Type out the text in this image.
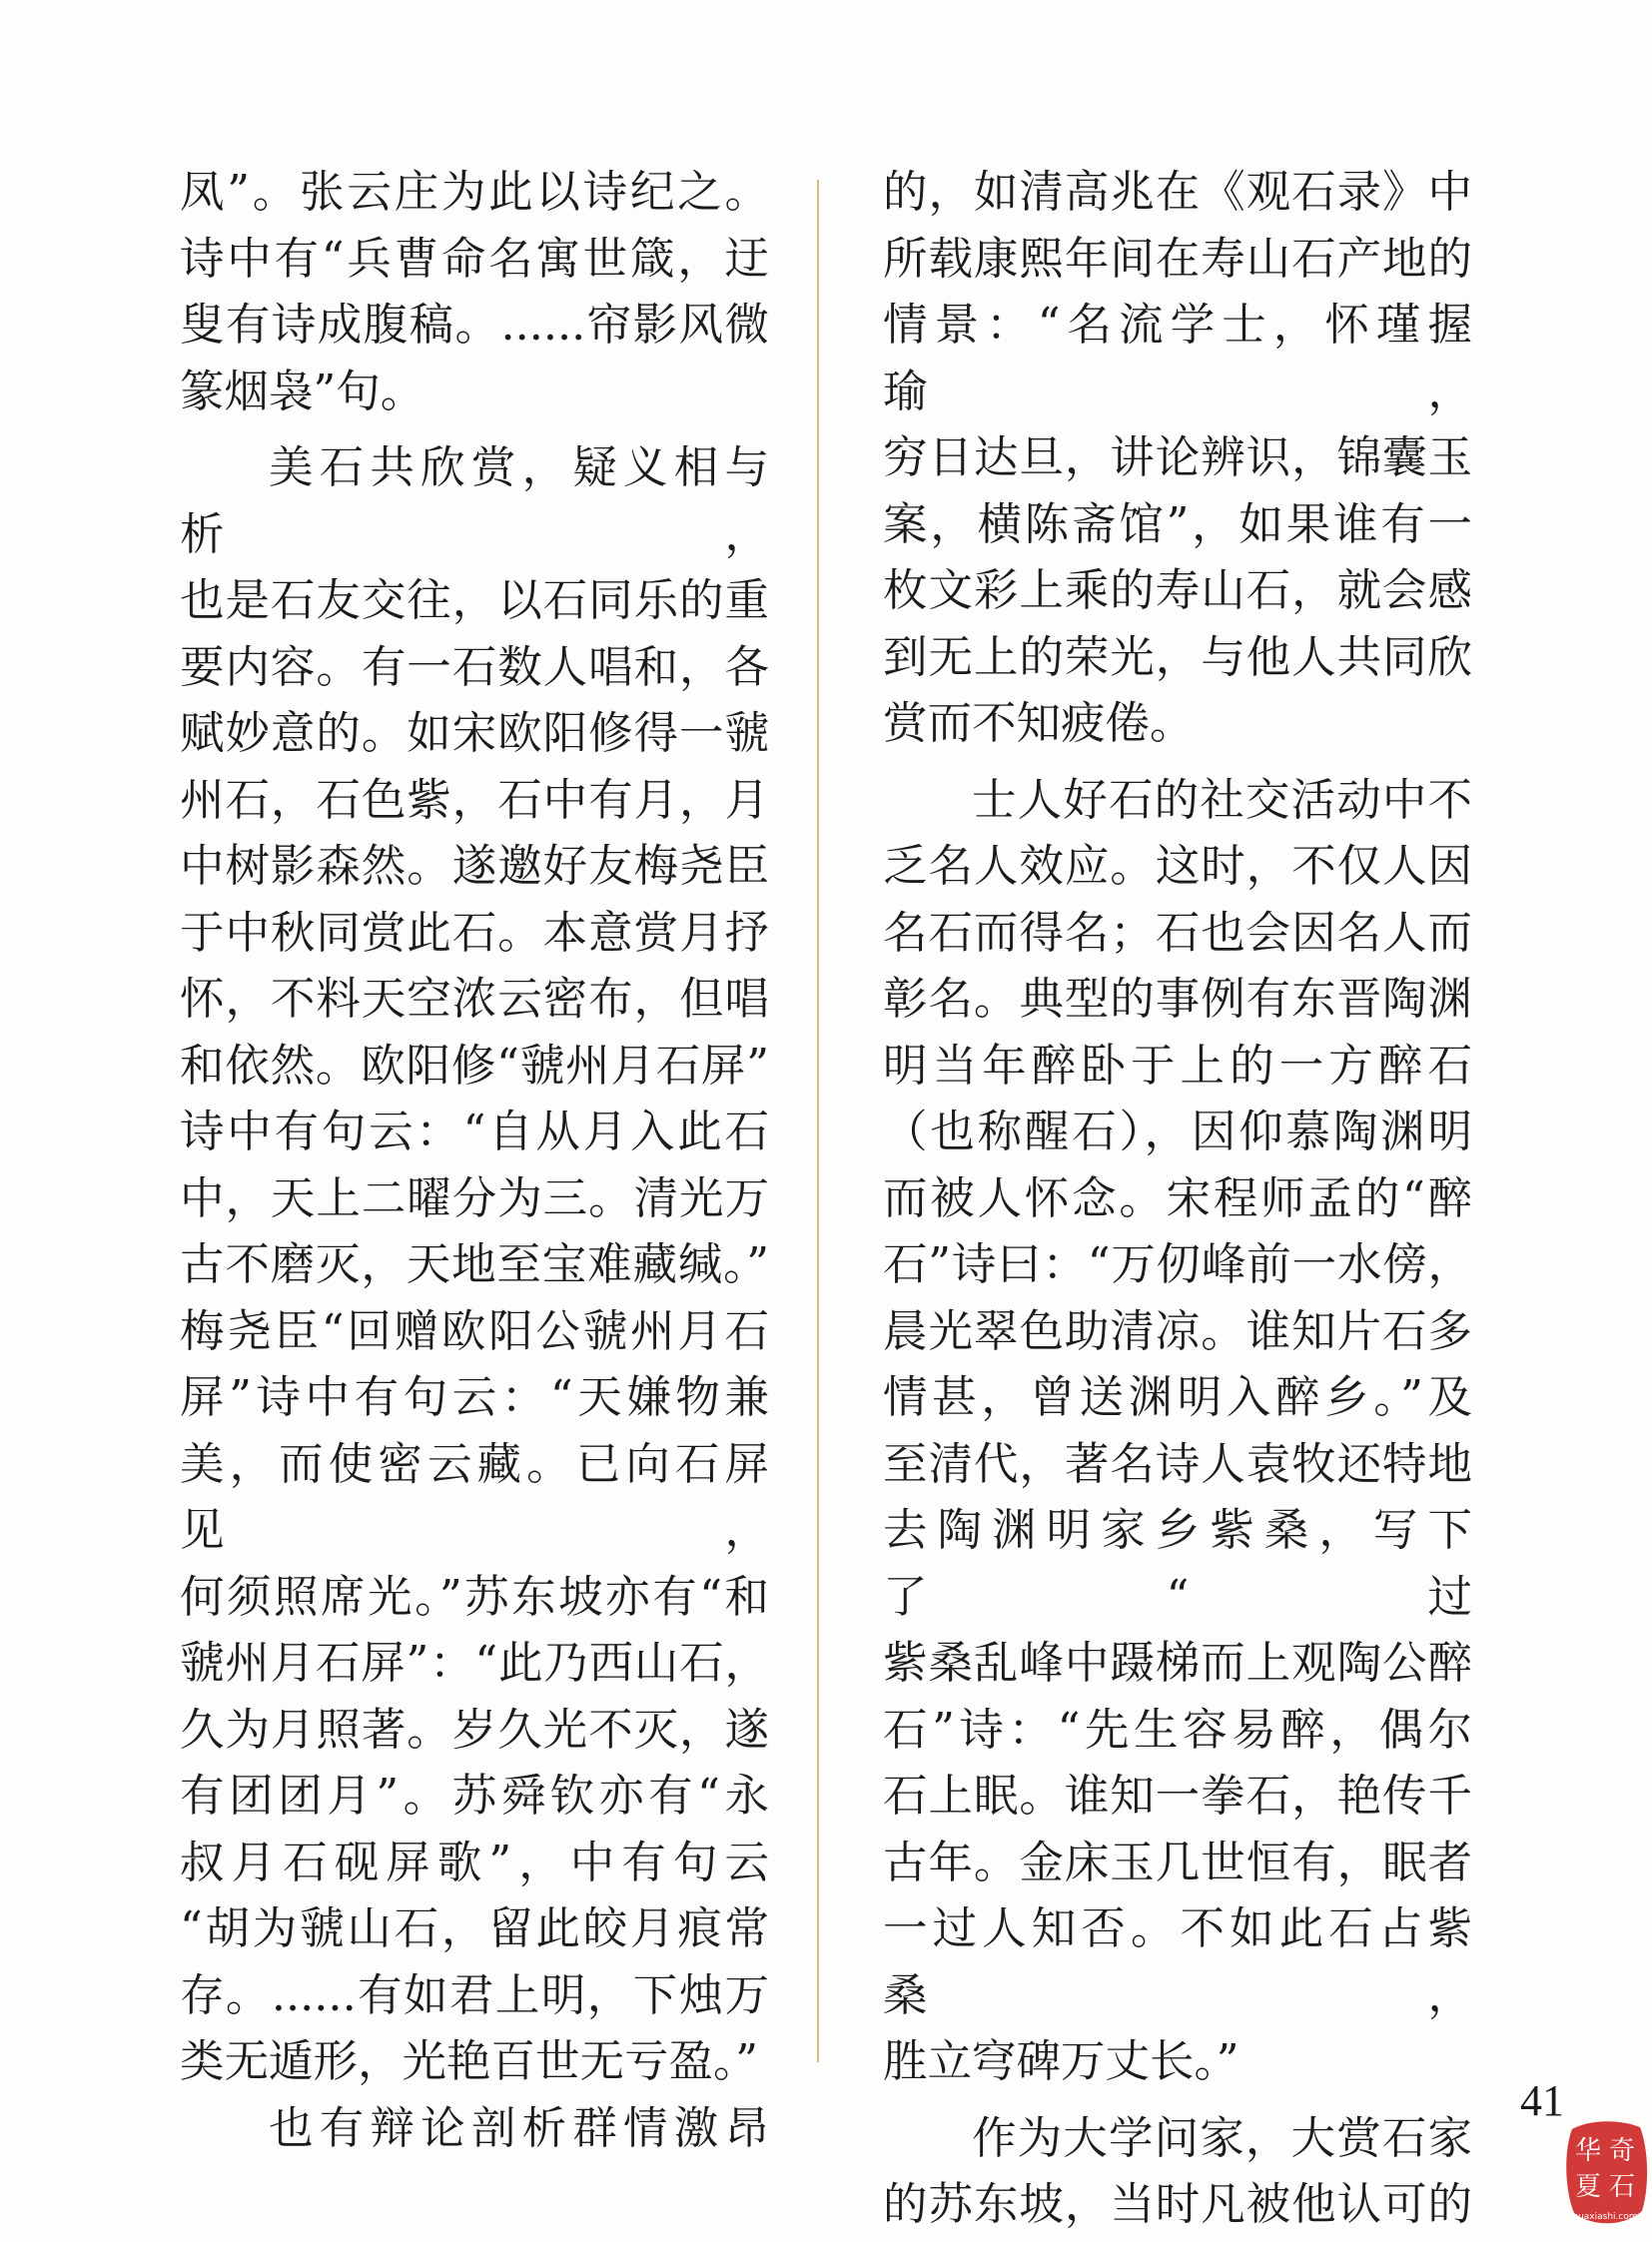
凤”。张云庄为此以诗纪之。

诗中有“兵曹命名寓世箴，迂

叟有诗成腹稿。......帘影风微

篆烟袅”句。

美石共欣赏，疑义相与析，

也是石友交往，以石同乐的重

要内容。有一石数人唱和，各

赋妙意的。如宋欧阳修得一虢

州石，石色紫，石中有月，月

中树影森然。遂邀好友梅尧臣

于中秋同赏此石。本意赏月抒

怀，不料天空浓云密布，但唱

和依然。欧阳修“虢州月石屏”

诗中有句云：“自从月入此石

中，天上二曜分为三。清光万

古不磨灭，天地至宝难藏缄。”

梅尧臣“回赠欧阳公虢州月石

屏”诗中有句云：“天嫌物兼

美，而使密云藏。已向石屏见，

何须照席光。”苏东坡亦有“和

虢州月石屏”：“此乃西山石，

久为月照著。岁久光不灭，遂

有团团月”。苏舜钦亦有“永

叔月石砚屏歌”，中有句云

“胡为虢山石，留此皎月痕常

存。......有如君上明，下烛万

类无遁形，光艳百世无亏盈。”

也有辩论剖析群情激昂

的，如清高兆在《观石录》中

所载康熙年间在寿山石产地的

情景：“名流学士，怀瑾握瑜，

穷日达旦，讲论辨识，锦囊玉

案，横陈斋馆”，如果谁有一

枚文彩上乘的寿山石，就会感

到无上的荣光，与他人共同欣

赏而不知疲倦。

士人好石的社交活动中不

乏名人效应。这时，不仅人因

名石而得名；石也会因名人而

彰名。典型的事例有东晋陶渊

明当年醉卧于上的一方醉石

（也称醒石），因仰慕陶渊明

而被人怀念。宋程师孟的“醉

石”诗曰：“万仞峰前一水傍，

晨光翠色助清凉。谁知片石多

情甚，曾送渊明入醉乡。”及

至清代，著名诗人袁牧还特地

去陶渊明家乡紫桑，写下了“过

紫桑乱峰中蹑梯而上观陶公醉

石”诗：“先生容易醉，偶尔

石上眠。谁知一拳石，艳传千

古年。金床玉几世恒有，眠者

一过人知否。不如此石占紫桑，

胜立穹碑万丈长。”

作为大学问家，大赏石家

的苏东坡，当时凡被他认可的

41
华 奇
夏 石
huaxiashi.com
